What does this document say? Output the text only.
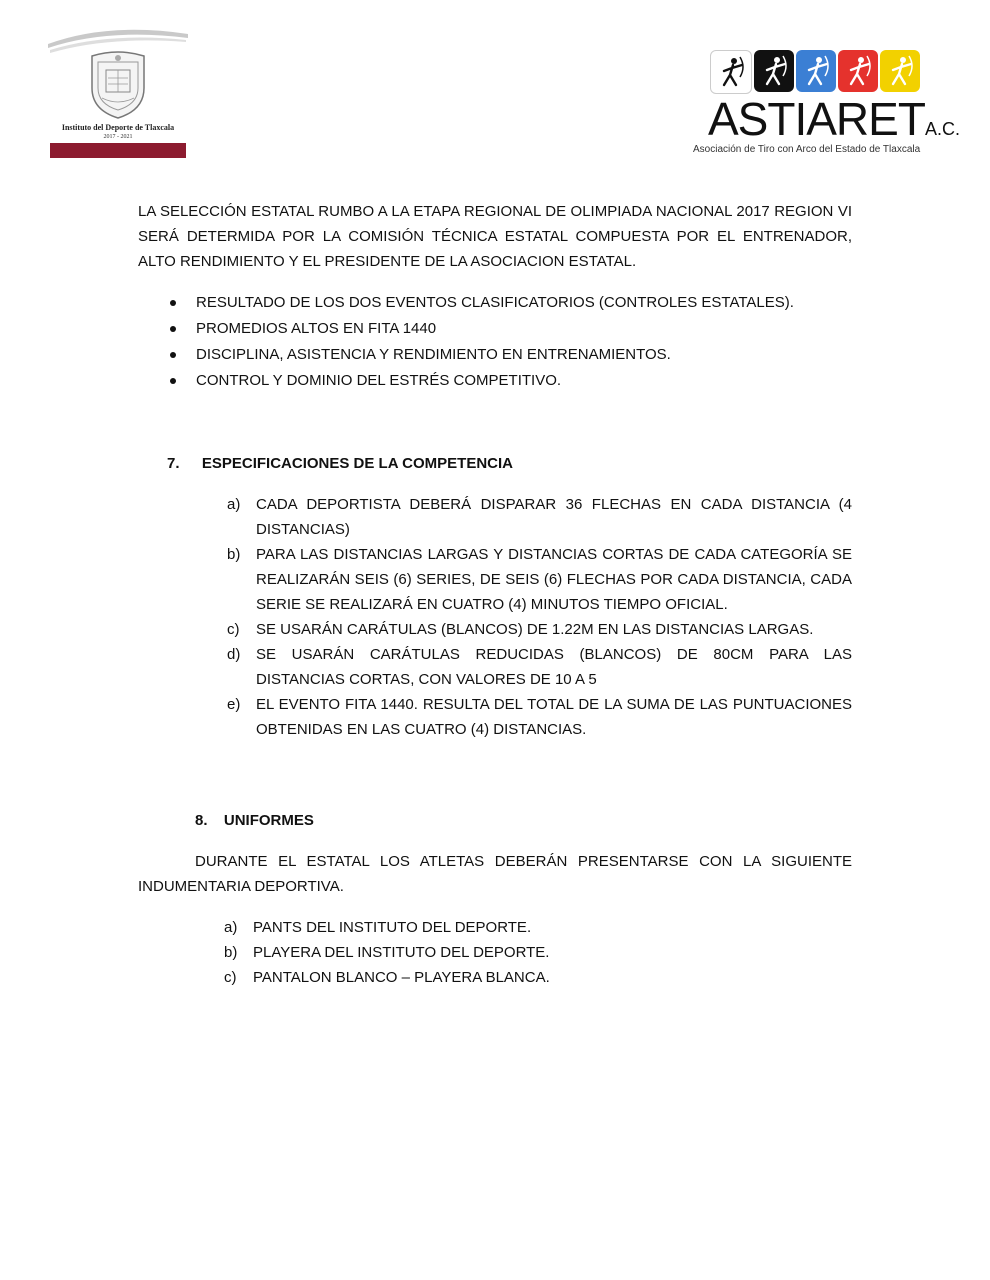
Instituto del Deporte de Tlaxcala
2017 - 2021	ASTIARETA.C.
Asociación de Tiro con Arco del Estado de Tlaxcala
LA SELECCIÓN ESTATAL RUMBO A LA ETAPA REGIONAL DE OLIMPIADA NACIONAL 2017 REGION VI SERÁ DETERMIDA POR LA COMISIÓN TÉCNICA ESTATAL COMPUESTA POR EL ENTRENADOR, ALTO RENDIMIENTO Y EL PRESIDENTE DE LA ASOCIACION ESTATAL.
RESULTADO DE LOS DOS EVENTOS CLASIFICATORIOS (CONTROLES ESTATALES).
PROMEDIOS ALTOS EN FITA 1440
DISCIPLINA, ASISTENCIA Y RENDIMIENTO EN ENTRENAMIENTOS.
CONTROL Y DOMINIO DEL ESTRÉS COMPETITIVO.
7. ESPECIFICACIONES DE LA COMPETENCIA
a) CADA DEPORTISTA DEBERÁ DISPARAR 36 FLECHAS EN CADA DISTANCIA (4 DISTANCIAS)
b) PARA LAS DISTANCIAS LARGAS Y DISTANCIAS CORTAS DE CADA CATEGORÍA SE REALIZARÁN SEIS (6) SERIES, DE SEIS (6) FLECHAS POR CADA DISTANCIA, CADA SERIE SE REALIZARÁ EN CUATRO (4) MINUTOS TIEMPO OFICIAL.
c) SE USARÁN CARÁTULAS (BLANCOS) DE 1.22M EN LAS DISTANCIAS LARGAS.
d) SE USARÁN CARÁTULAS REDUCIDAS (BLANCOS) DE 80CM PARA LAS DISTANCIAS CORTAS, CON VALORES DE 10 A 5
e) EL EVENTO FITA 1440. RESULTA DEL TOTAL DE LA SUMA DE LAS PUNTUACIONES OBTENIDAS EN LAS CUATRO (4) DISTANCIAS.
8. UNIFORMES
DURANTE EL ESTATAL LOS ATLETAS DEBERÁN PRESENTARSE CON LA SIGUIENTE INDUMENTARIA DEPORTIVA.
a) PANTS DEL INSTITUTO DEL DEPORTE.
b) PLAYERA DEL INSTITUTO DEL DEPORTE.
c) PANTALON BLANCO – PLAYERA BLANCA.
